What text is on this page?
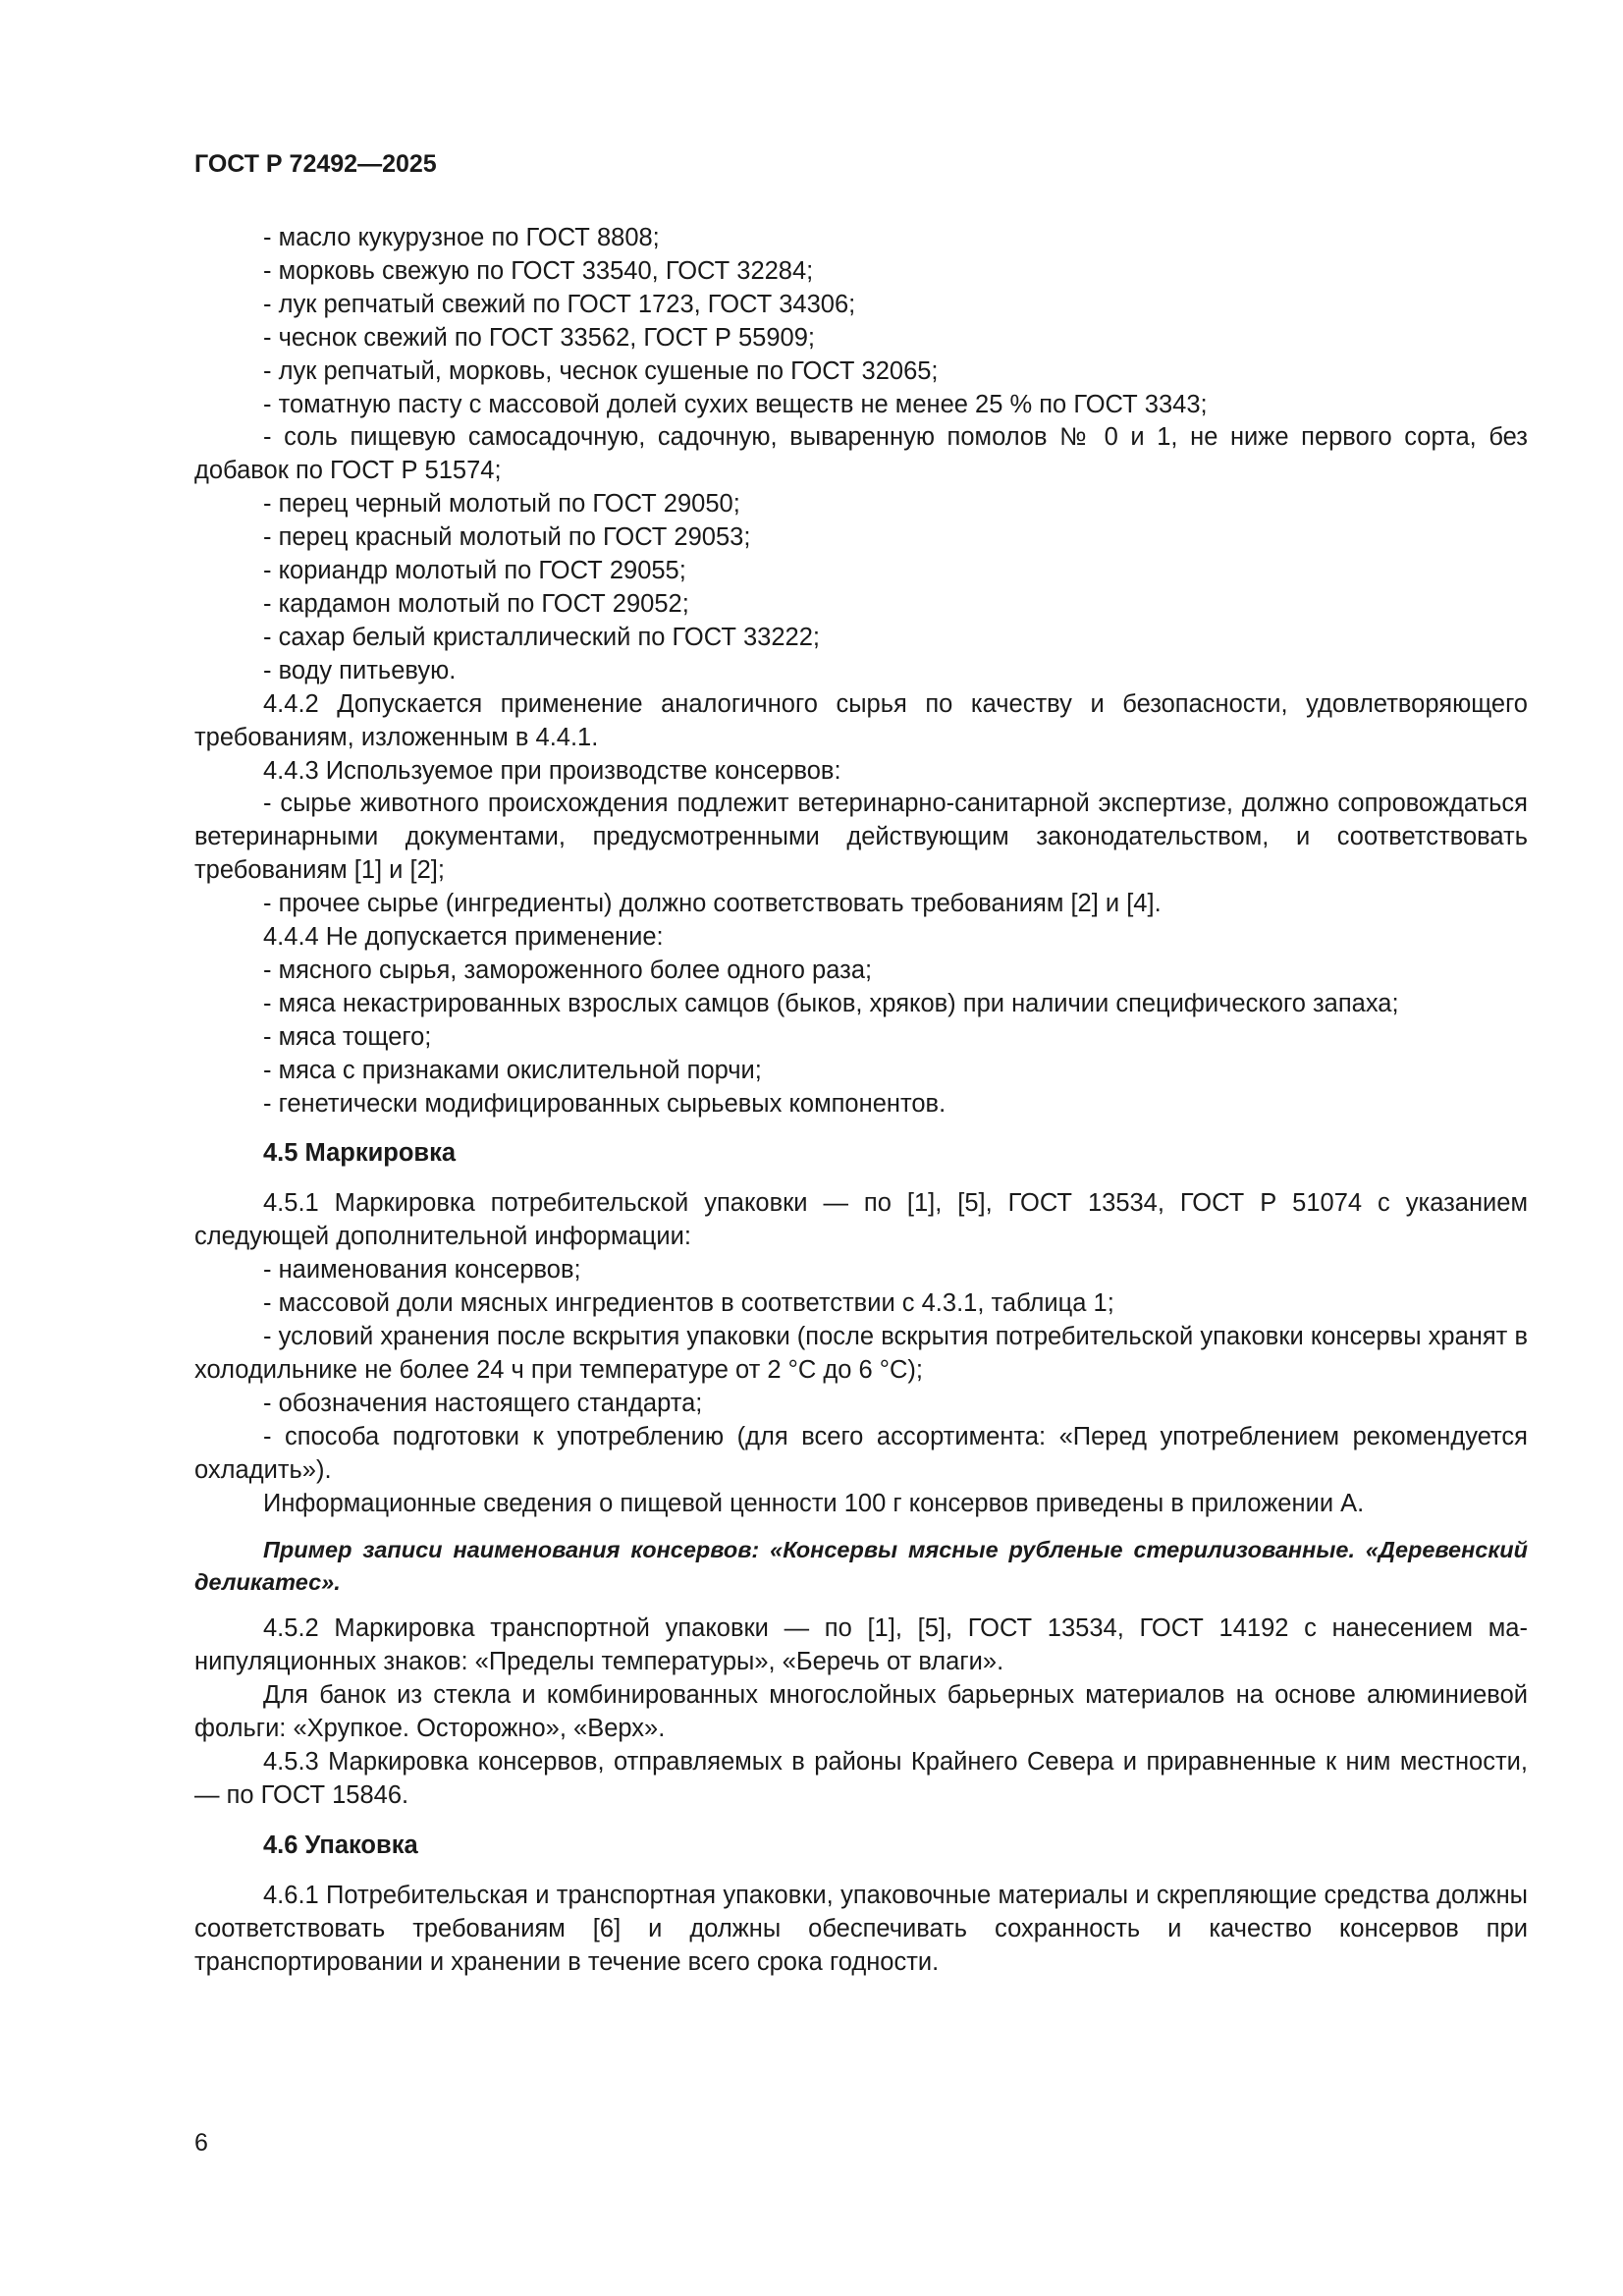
ГОСТ Р 72492—2025

- масло кукурузное по ГОСТ 8808;

- морковь свежую по ГОСТ 33540, ГОСТ 32284;

- лук репчатый свежий по ГОСТ 1723, ГОСТ 34306;

- чеснок свежий по ГОСТ 33562, ГОСТ Р 55909;

- лук репчатый, морковь, чеснок сушеные по ГОСТ 32065;

- томатную пасту с массовой долей сухих веществ не менее 25 % по ГОСТ 3343;

- соль пищевую самосадочную, садочную, вываренную помолов № 0 и 1, не ниже первого сорта, без добавок по ГОСТ Р 51574;

- перец черный молотый по ГОСТ 29050;

- перец красный молотый по ГОСТ 29053;

- кориандр молотый по ГОСТ 29055;

- кардамон молотый по ГОСТ 29052;

- сахар белый кристаллический по ГОСТ 33222;

- воду питьевую.

4.4.2 Допускается применение аналогичного сырья по качеству и безопасности, удовлетворяющего требованиям, изложенным в 4.4.1.

4.4.3 Используемое при производстве консервов:

- сырье животного происхождения подлежит ветеринарно-санитарной экспертизе, должно сопровождаться ветеринарными документами, предусмотренными действующим законодательством, и соответствовать требованиям [1] и [2];

- прочее сырье (ингредиенты) должно соответствовать требованиям [2] и [4].

4.4.4 Не допускается применение:

- мясного сырья, замороженного более одного раза;

- мяса некастрированных взрослых самцов (быков, хряков) при наличии специфического запаха;

- мяса тощего;

- мяса с признаками окислительной порчи;

- генетически модифицированных сырьевых компонентов.

4.5 Маркировка

4.5.1 Маркировка потребительской упаковки — по [1], [5], ГОСТ 13534, ГОСТ Р 51074 с указанием следующей дополнительной информации:

- наименования консервов;

- массовой доли мясных ингредиентов в соответствии с 4.3.1, таблица 1;

- условий хранения после вскрытия упаковки (после вскрытия потребительской упаковки консервы хранят в холодильнике не более 24 ч при температуре от 2 °С до 6 °С);

- обозначения настоящего стандарта;

- способа подготовки к употреблению (для всего ассортимента: «Перед употреблением рекомендуется охладить»).

Информационные сведения о пищевой ценности 100 г консервов приведены в приложении А.

Пример записи наименования консервов: «Консервы мясные рубленые стерилизованные. «Деревенский деликатес».

4.5.2 Маркировка транспортной упаковки — по [1], [5], ГОСТ 13534, ГОСТ 14192 с нанесением манипуляционных знаков: «Пределы температуры», «Беречь от влаги».

Для банок из стекла и комбинированных многослойных барьерных материалов на основе алюминиевой фольги: «Хрупкое. Осторожно», «Верх».

4.5.3 Маркировка консервов, отправляемых в районы Крайнего Севера и приравненные к ним местности, — по ГОСТ 15846.

4.6 Упаковка

4.6.1 Потребительская и транспортная упаковки, упаковочные материалы и скрепляющие средства должны соответствовать требованиям [6] и должны обеспечивать сохранность и качество консервов при транспортировании и хранении в течение всего срока годности.

6
